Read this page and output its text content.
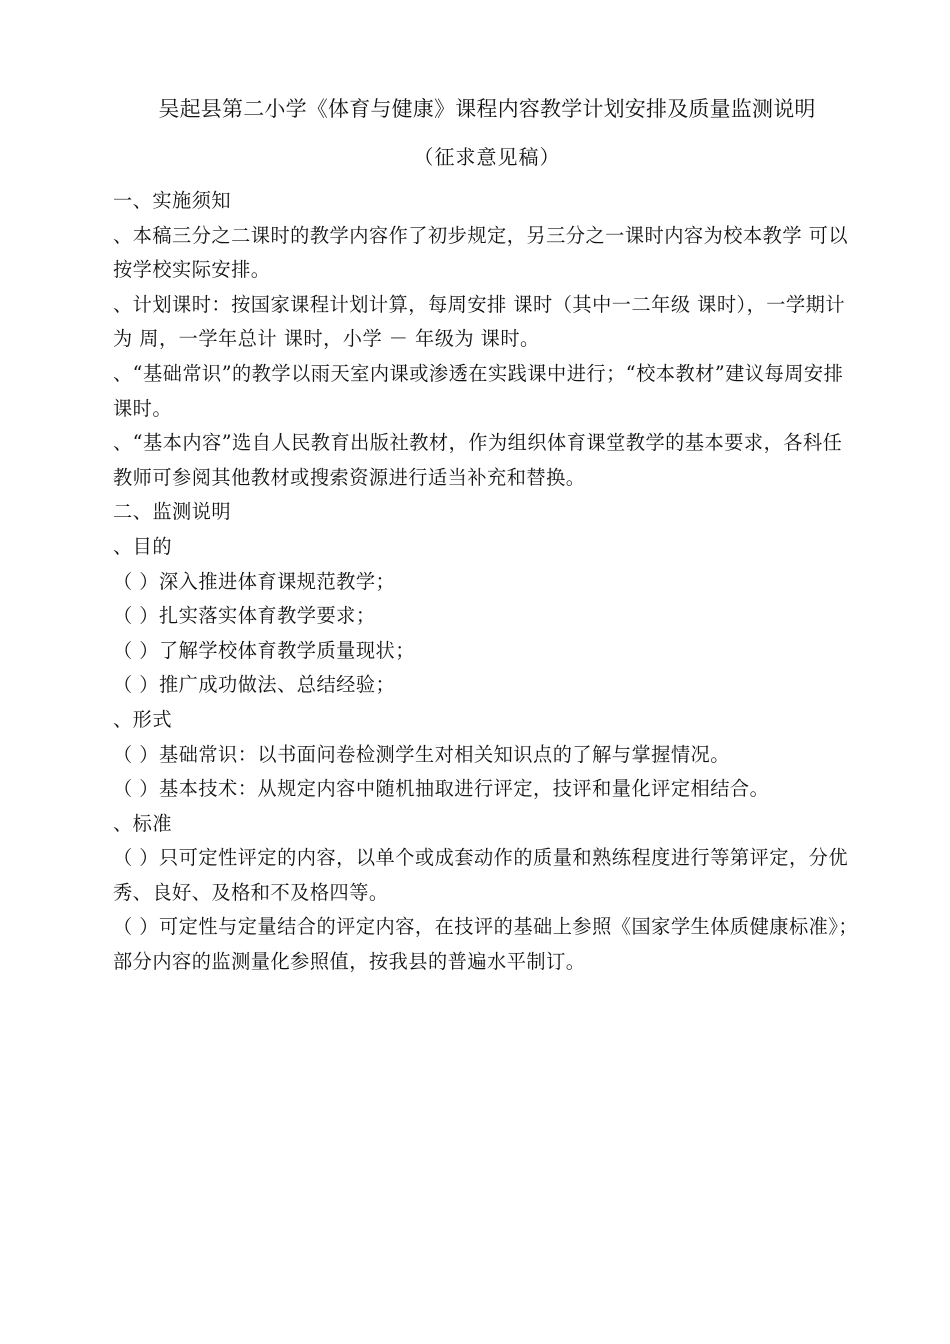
吴起县第二小学《体育与健康》课程内容教学计划安排及质量监测说明

（征求意见稿）

一、实施须知

、本稿三分之二课时的教学内容作了初步规定，另三分之一课时内容为校本教学 可以按学校实际安排。

、计划课时：按国家课程计划计算，每周安排 课时（其中一二年级 课时），一学期计为 周，一学年总计 课时，小学 － 年级为 课时。

、“基础常识”的教学以雨天室内课或渗透在实践课中进行；“校本教材”建议每周安排 课时。

、“基本内容”选自人民教育出版社教材，作为组织体育课堂教学的基本要求，各科任教师可参阅其他教材或搜索资源进行适当补充和替换。

二、监测说明

、目的

（ ）深入推进体育课规范教学；

（ ）扎实落实体育教学要求；

（ ）了解学校体育教学质量现状；

（ ）推广成功做法、总结经验；

、形式

（ ）基础常识：以书面问卷检测学生对相关知识点的了解与掌握情况。

（ ）基本技术：从规定内容中随机抽取进行评定，技评和量化评定相结合。

、标准

（ ）只可定性评定的内容，以单个或成套动作的质量和熟练程度进行等第评定，分优秀、良好、及格和不及格四等。

（ ）可定性与定量结合的评定内容，在技评的基础上参照《国家学生体质健康标准》；部分内容的监测量化参照值，按我县的普遍水平制订。
